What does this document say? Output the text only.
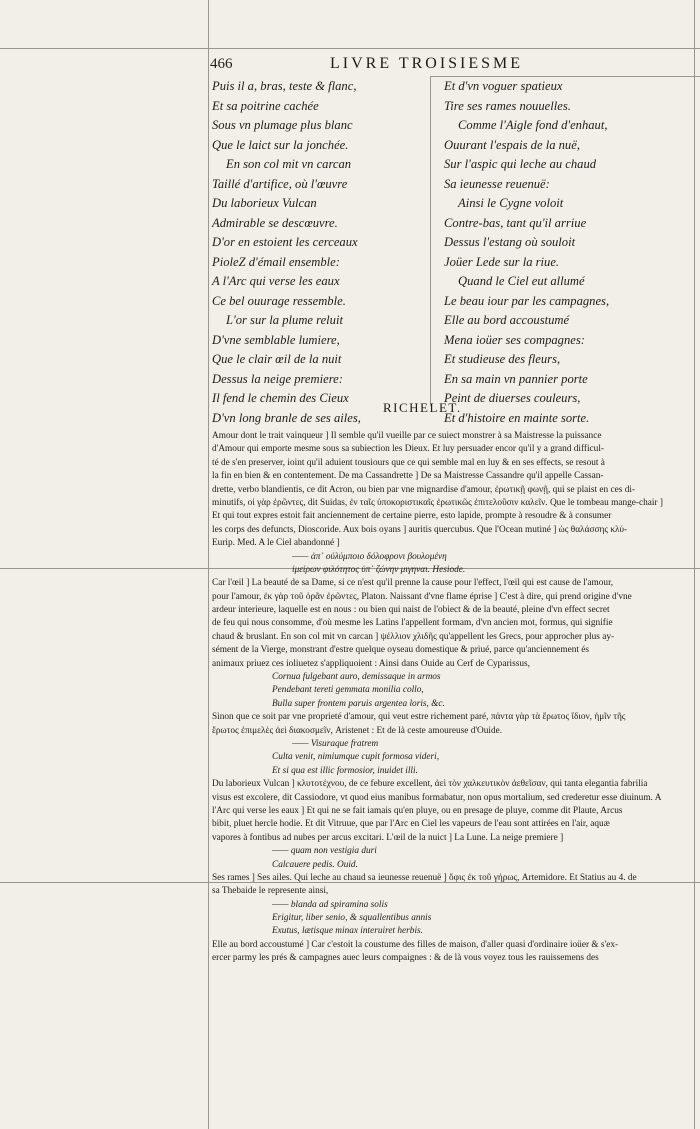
466	LIVRE TROISIESME
Puis il a, bras, teste & flanc,
Et sa poitrine cachée
Sous vn plumage plus blanc
Que le laict sur la jonchée.
En son col mit vn carcan
Taillé d'artifice, où l'œuvre
Du laborieux Vulcan
Admirable se descœuvre.
D'or en estoient les cerceaux
PioleZ d'émail ensemble:
A l'Arc qui verse les eaux
Ce bel ouurage ressemble.
L'or sur la plume reluit
D'vne semblable lumiere,
Que le clair œil de la nuit
Dessus la neige premiere:
Il fend le chemin des Cieux
D'vn long branle de ses ailes,
Et d'vn voguer spatieux
Tire ses rames nouuelles.
Comme l'Aigle fond d'enhaut,
Ouurant l'espais de la nuë,
Sur l'aspic qui leche au chaud
Sa ieunesse reuenuë:
Ainsi le Cygne voloit
Contre-bas, tant qu'il arriue
Dessus l'estang où souloit
Joüer Lede sur la riue.
Quand le Ciel eut allumé
Le beau iour par les campagnes,
Elle au bord accoustumé
Mena ioüer ses compagnes:
Et studieuse des fleurs,
En sa main vn pannier porte
Peint de diuerses couleurs,
Et d'histoire en mainte sorte.
RICHELET.
Amour dont le trait vainqueur ] Il semble qu'il vueille par ce suiect monstrer à sa Maistresse la puissance
d'Amour qui emporte mesme sous sa subiection les Dieux. Et luy persuader encor qu'il y a grand difficul-
té de s'en preserver, ioint qu'il aduient tousiours que ce qui semble mal en luy & en ses effects, se resout à
la fin en bien & en contentement. De ma Cassandrette ] De sa Maistresse Cassandre qu'il appelle Cassan-
drette, verbo blandientis, ce dit Acron, ou bien par vne mignardise d'amour, ἐρωτικῇ φωνῇ, qui se plaist en ces di-
minutifs, οἱ γὰρ ἐρῶντες, dit Suidas, ἐν ταῖς ὑποκοριστικαῖς ἐρωτικῶς ἐπιτελοῦσιν καλεῖν. Que le tombeau mange-chair ]
Et qui tout expres estoit fait anciennement de certaine pierre, esto lapide, prompte à resoudre & à consumer
les corps des defuncts, Dioscoride. Aux bois oyans ] auritis quercubus. Que l'Ocean mutiné ] ὡς θαλάσσης κλύ-
Eurip. Med. A le Ciel abandonné ]
—— ἀπ᾽ οὐλύμποιο δόλοφρονι βουλομένη
ἱμείρων φιλότητος ὑπ᾽ ζώνην μιγηναι. Hesiode.
Car l'œil ] La beauté de sa Dame, si ce n'est qu'il prenne la cause pour l'effect, l'œil qui est cause de l'amour,
pour l'amour, ἐκ γὰρ τοῦ ὁρᾶν ἐρῶντες, Platon. Naissant d'vne flame éprise ] C'est à dire, qui prend origine d'vne
ardeur interieure, laquelle est en nous : ou bien qui naist de l'obiect & de la beauté, pleine d'vn effect secret
de feu qui nous consomme, d'où mesme les Latins l'appellent formam, d'vn ancien mot, formus, qui signifie
chaud & bruslant. En son col mit vn carcan ] ψέλλιον χλιδῆς qu'appellent les Grecs, pour approcher plus ay-
sément de la Vierge, monstrant d'estre quelque oyseau domestique & priué, parce qu'anciennement és
animaux priuez ces ioliuetez s'appliquoient : Ainsi dans Ouide au Cerf de Cyparissus,
Cornua fulgebant auro, demissaque in armos
Pendebant tereti gemmata monilia collo,
Bulla super frontem paruis argentea loris, &c.
Sinon que ce soit par vne proprieté d'amour, qui veut estre richement paré, πάντα γὰρ τὰ ἔρωτος ἴδιον, ἡμῖν τῆς
ἔρωτος ἐπιμελὲς ἀεὶ διακοσμεῖν, Aristenet : Et de là ceste amoureuse d'Ouide.
—— Visuraque fratrem
Culta venit, nimiumque cupit formosa videri,
Et si qua est illic formosior, inuidet illi.
Du laborieux Vulcan ] κλυτοτέχνου, de ce febure excellent, ἀεὶ τὸν χαλκευτικὸν ἀεθεῖσαν, qui tanta elegantia fabrilia
visus est excolere, dit Cassiodore, vt quod eius manibus formabatur, non opus mortalium, sed crederetur esse diuinum. A
l'Arc qui verse les eaux ] Et qui ne se fait iamais qu'en pluye, ou en presage de pluye, comme dit Plaute, Arcus
bibit, pluet hercle hodie. Et dit Vitruue, que par l'Arc en Ciel les vapeurs de l'eau sont attirées en l'air, aquæ
vapores à fontibus ad nubes per arcus excitari. L'œil de la nuict ] La Lune. La neige premiere ]
—— quam non vestigia duri
Calcauere pedis. Ouid.
Ses rames ] Ses ailes. Qui leche au chaud sa ieunesse reuenuë ] ὄφις ἐκ τοῦ γήρως, Artemidore. Et Statius au 4. de
sa Thebaide le represente ainsi,
—— blanda ad spiramina solis
Erigitur, liber senio, & squallentibus annis
Exutus, lætisque minax interuiret herbis.
Elle au bord accoustumé ] Car c'estoit la coustume des filles de maison, d'aller quasi d'ordinaire ioüer & s'ex-
ercer parmy les prés & campagnes auec leurs compaignes : & de là vous voyez tous les rauissemens des
